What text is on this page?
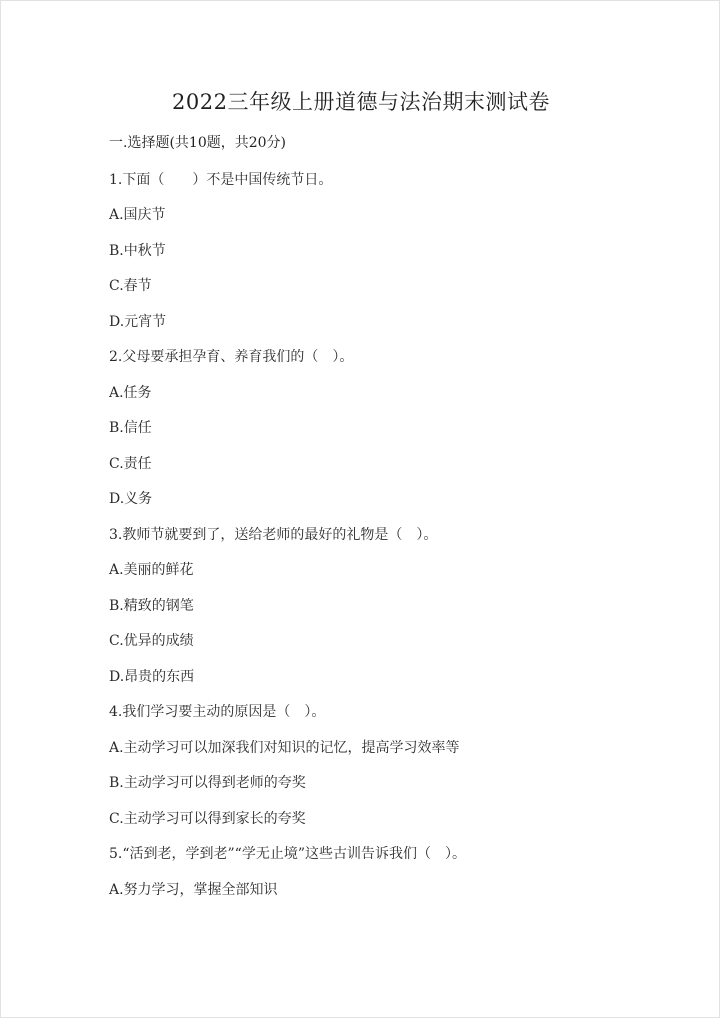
2022三年级上册道德与法治期末测试卷
一.选择题(共10题，共20分)
1.下面（　　）不是中国传统节日。
A.国庆节
B.中秋节
C.春节
D.元宵节
2.父母要承担孕育、养育我们的（　）。
A.任务
B.信任
C.责任
D.义务
3.教师节就要到了，送给老师的最好的礼物是（　）。
A.美丽的鲜花
B.精致的钢笔
C.优异的成绩
D.昂贵的东西
4.我们学习要主动的原因是（　）。
A.主动学习可以加深我们对知识的记忆，提高学习效率等
B.主动学习可以得到老师的夸奖
C.主动学习可以得到家长的夸奖
5.“活到老，学到老”“学无止境”这些古训告诉我们（　）。
A.努力学习，掌握全部知识
